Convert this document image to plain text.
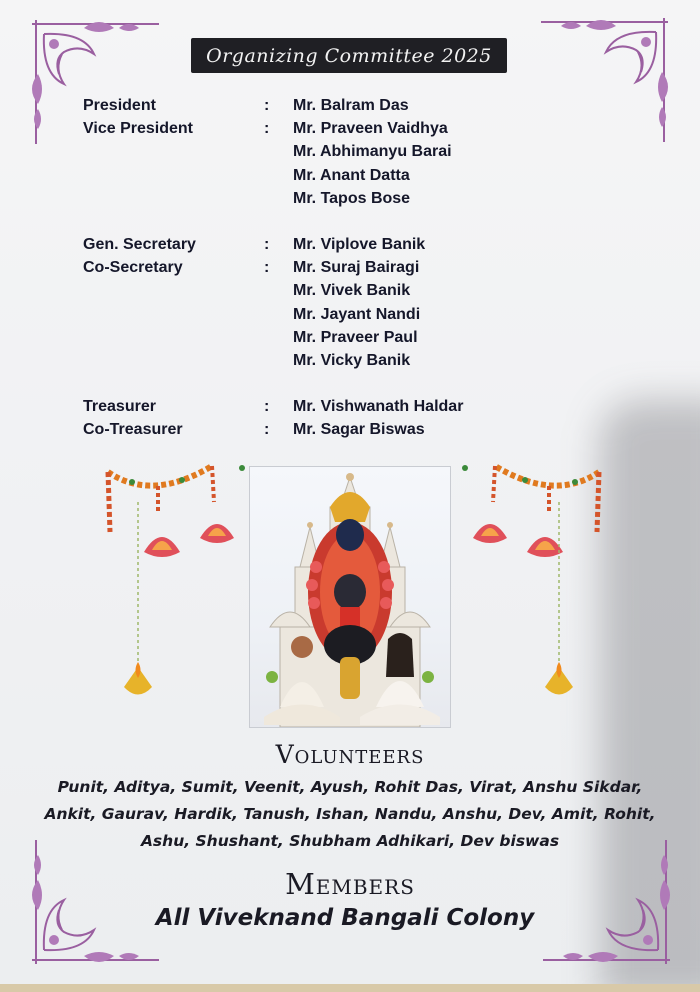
Organizing Committee 2025
President	: Mr. Balram Das
Vice President	: Mr. Praveen Vaidhya
Mr. Abhimanyu Barai
Mr. Anant Datta
Mr. Tapos Bose
Gen. Secretary	: Mr. Viplove Banik
Co-Secretary	: Mr. Suraj Bairagi
Mr. Vivek Banik
Mr. Jayant Nandi
Mr. Praveer Paul
Mr. Vicky Banik
Treasurer	: Mr. Vishwanath Haldar
Co-Treasurer	: Mr. Sagar Biswas
Volunteers
Punit, Aditya, Sumit, Veenit, Ayush, Rohit Das, Virat, Anshu Sikdar,
Ankit, Gaurav, Hardik, Tanush, Ishan, Nandu, Anshu, Dev, Amit, Rohit,
Ashu, Shushant, Shubham Adhikari, Dev biswas
Members
All Viveknand Bangali Colony
